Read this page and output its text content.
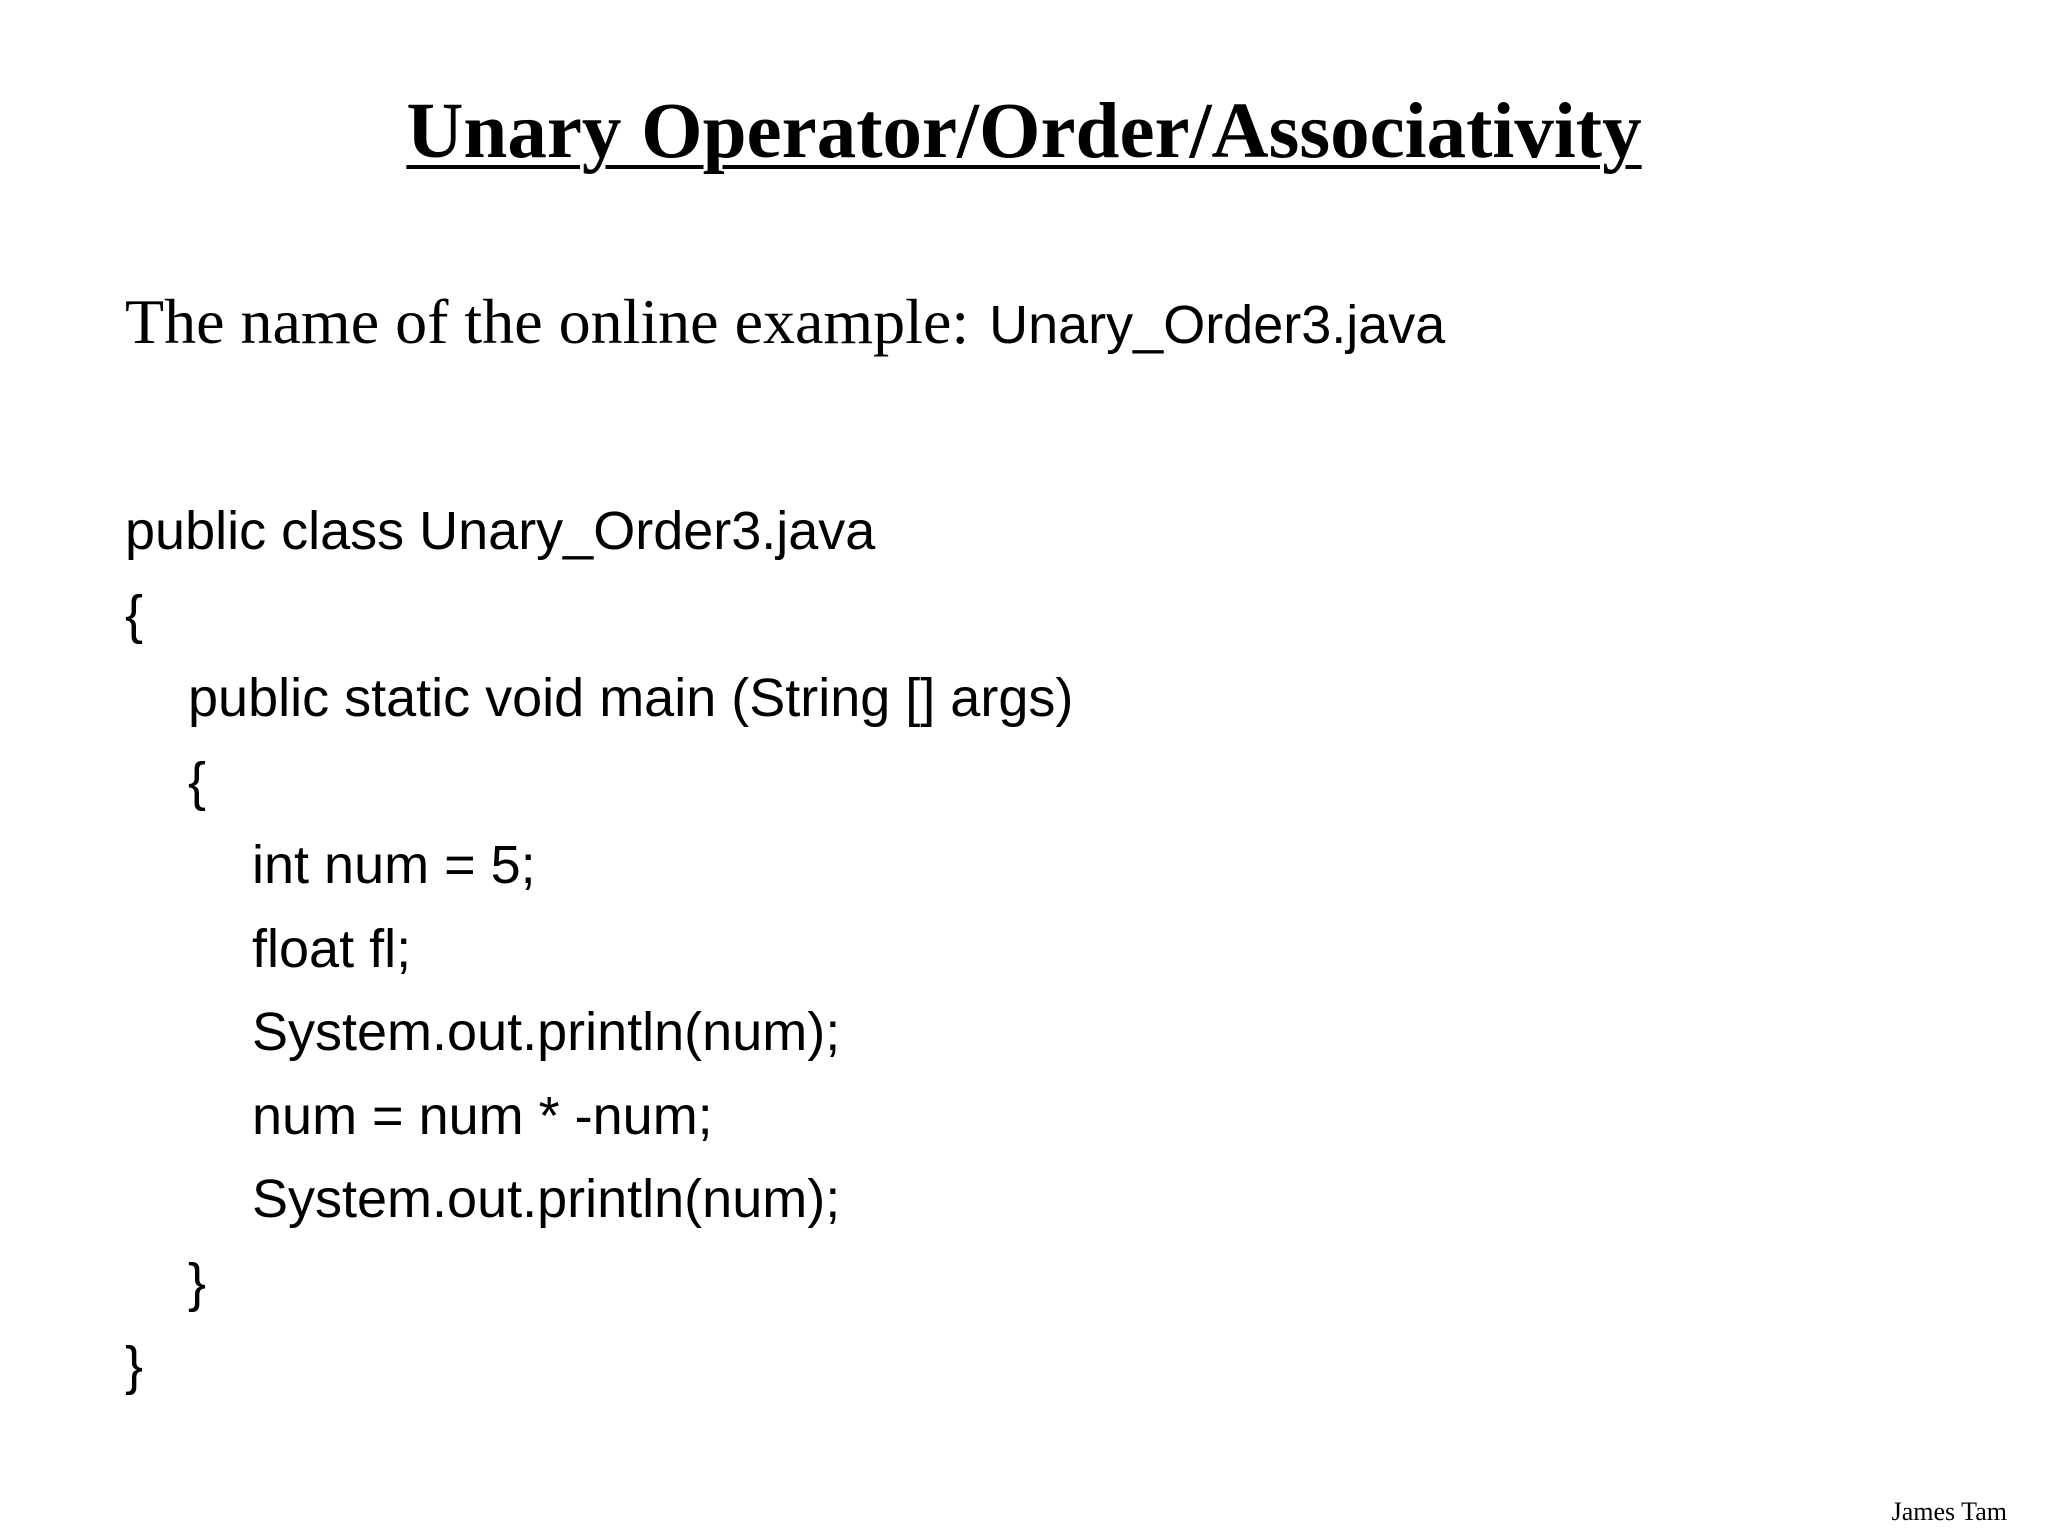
Unary Operator/Order/Associativity
The name of the online example: Unary_Order3.java
public class Unary_Order3.java
{
public static void main (String [] args)
{
int num = 5;
float fl;
System.out.println(num);
num = num * -num;
System.out.println(num);
}
}
James Tam
